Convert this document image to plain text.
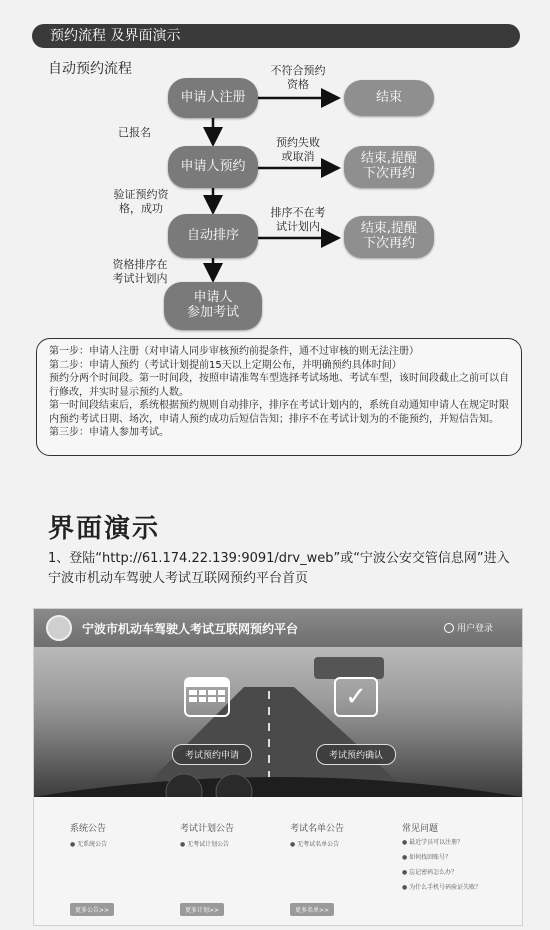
预约流程 及界面演示
自动预约流程
申请人注册
申请人预约
自动排序
申请人
参加考试
结束
结束,提醒
下次再约
结束,提醒
下次再约
不符合预约
资格
预约失败
或取消
排序不在考
试计划内
已报名
验证预约资
格，成功
资格排序在
考试计划内
第一步：申请人注册（对申请人同步审核预约前提条件，通不过审核的则无法注册）
第二步：申请人预约（考试计划提前15天以上定期公布，并明确预约具体时间）
预约分两个时间段。第一时间段，按照申请准驾车型选择考试场地、考试车型，该时间段截止之前可以自行修改，并实时显示预约人数。
第一时间段结束后，系统根据预约规则自动排序，排序在考试计划内的，系统自动通知申请人在规定时限内预约考试日期、场次，申请人预约成功后短信告知；排序不在考试计划为的不能预约，并短信告知。
第三步：申请人参加考试。
界面演示
1、登陆“http://61.174.22.139:9091/drv_web”或“宁波公安交管信息网”进入宁波市机动车驾驶人考试互联网预约平台首页
宁波市机动车驾驶人考试互联网预约平台	用户登录
✓
考试预约申请	考试预约确认
系统公告
● 无系统公告
更多公告>>
考试计划公告
● 无考试计划公告
更多计划>>
考试名单公告
● 无考试名单公告
更多名单>>
常见问题
● 最近学员可以注册？
● 如何找回账号？
● 忘记密码怎么办？
● 为什么手机号码验证失败？
